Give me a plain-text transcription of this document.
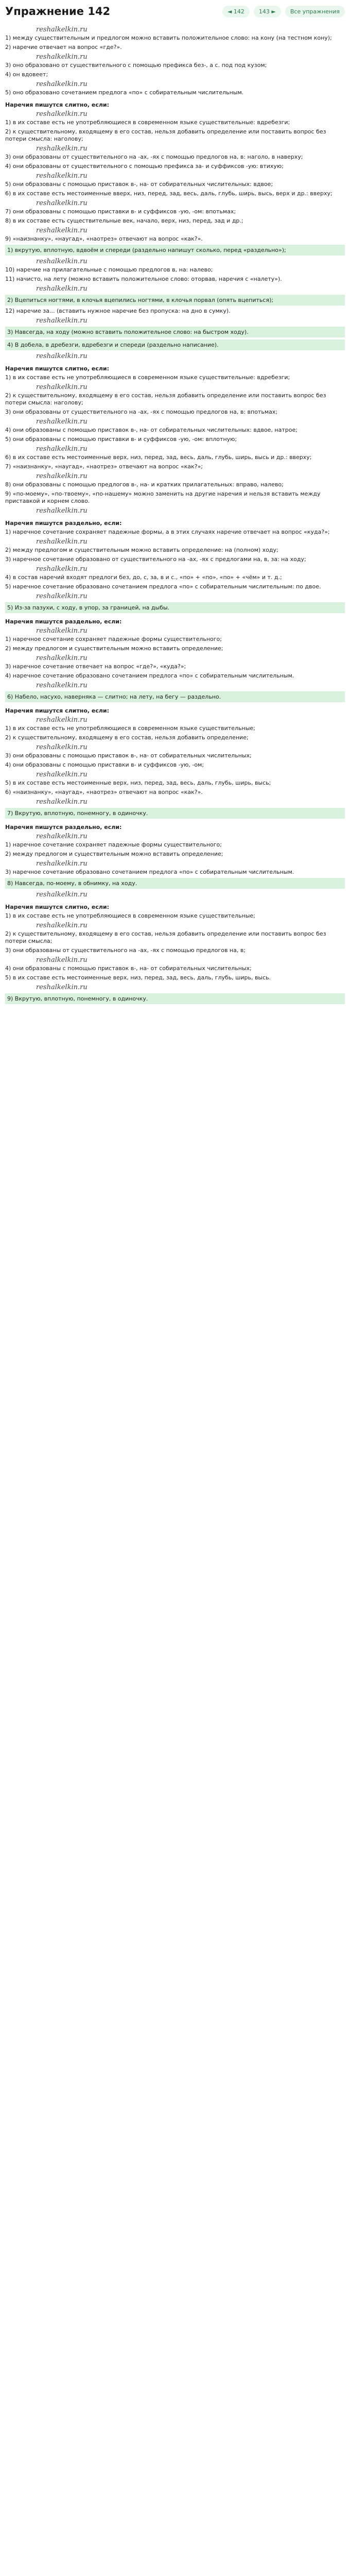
Упражнение 142	◄ 142	143 ►	Все упражнения
reshalkelkin.ru
1) между существительным и предлогом можно вставить положительное слово: на кону (на тестном кону);
2) наречие отвечает на вопрос «где?».
reshalkelkin.ru
3) оно образовано от существительного с помощью префикса без-, а с. под под кузом;
4) он вдовеет;
reshalkelkin.ru
5) оно образовано сочетанием предлога «по» с собирательным числительным.
Наречия пишутся слитно, если:
reshalkelkin.ru
1) в их составе есть не употребляющиеся в современном языке существительные: вдребезги;
2) к существительному, входящему в его состав, нельзя добавить определение или поставить вопрос без потери смысла: наголову;
reshalkelkin.ru
3) они образованы от существительного на -ах, -ях с помощью предлогов на, в: наголо, в наверху;
4) они образованы от существительного с помощью префикса за- и суффиксов -ую: втихую;
reshalkelkin.ru
5) они образованы с помощью приставок в-, на- от собирательных числительных: вдвое;
6) в их составе есть местоименные вверх, низ, перед, зад, весь, даль, глубь, ширь, высь, верх и др.: вверху;
reshalkelkin.ru
7) они образованы с помощью приставки в- и суффиксов -ую, -ом: впотьмах;
8) в их составе есть существительные век, начало, верх, низ, перед, зад и др.;
reshalkelkin.ru
9) «наизнанку», «наугад», «наотрез» отвечают на вопрос «как?».
1) вкрутую, вплотную, вдвоём и спереди (раздельно напишут сколько, перед «раздельно»);
reshalkelkin.ru
10) наречие на прилагательные с помощью предлогов в, на: налево;
11) начисто, на лету (можно вставить положительное слово: оторвав, наречия с «налету»).
reshalkelkin.ru
2) Вцепиться ногтями, в клочья вцепились ногтями, в клочья порвал (опять вцепиться);
12) наречие за... (вставить нужное наречие без пропуска: на дно в сумку).
reshalkelkin.ru
3) Навсегда, на ходу (можно вставить положительное слово: на быстром ходу).
4) В добела, в дребезги, вдребезги и спереди (раздельно написание).
reshalkelkin.ru
Наречия пишутся слитно, если:
1) в их составе есть не употребляющиеся в современном языке существительные: вдребезги;
reshalkelkin.ru
2) к существительному, входящему в его состав, нельзя добавить определение или поставить вопрос без потери смысла: наголову;
3) они образованы от существительного на -ах, -ях с помощью предлогов на, в: впотьмах;
reshalkelkin.ru
4) они образованы с помощью приставок в-, на- от собирательных числительных: вдвое, натрое;
5) они образованы с помощью приставки в- и суффиксов -ую, -ом: вплотную;
reshalkelkin.ru
6) в их составе есть местоименные верх, низ, перед, зад, весь, даль, глубь, ширь, высь и др.: вверху;
7) «наизнанку», «наугад», «наотрез» отвечают на вопрос «как?»;
reshalkelkin.ru
8) они образованы с помощью предлогов в-, на- и кратких прилагательных: вправо, налево;
9) «по-моему», «по-твоему», «по-нашему» можно заменить на другие наречия и нельзя вставить между приставкой и корнем слово.
reshalkelkin.ru
Наречия пишутся раздельно, если:
1) наречное сочетание сохраняет падежные формы, а в этих случаях наречие отвечает на вопрос «куда?»;
reshalkelkin.ru
2) между предлогом и существительным можно вставить определение: на (полном) ходу;
3) наречное сочетание образовано от существительного на -ах, -ях с предлогами на, в, за: на ходу;
reshalkelkin.ru
4) в состав наречий входят предлоги без, до, с, за, в и с., «по» + «по», «по» + «чём» и т. д.;
5) наречное сочетание образовано сочетанием предлога «по» с собирательным числительным: по двое.
reshalkelkin.ru
5) Из-за пазухи, с ходу, в упор, за границей, на дыбы.
Наречия пишутся раздельно, если:
reshalkelkin.ru
1) наречное сочетание сохраняет падежные формы существительного;
2) между предлогом и существительным можно вставить определение;
reshalkelkin.ru
3) наречное сочетание отвечает на вопрос «где?», «куда?»;
4) наречное сочетание образовано сочетанием предлога «по» с собирательным числительным.
reshalkelkin.ru
6) Набело, насухо, наверняка — слитно; на лету, на бегу — раздельно.
Наречия пишутся слитно, если:
reshalkelkin.ru
1) в их составе есть не употребляющиеся в современном языке существительные;
2) к существительному, входящему в его состав, нельзя добавить определение;
reshalkelkin.ru
3) они образованы с помощью приставок в-, на- от собирательных числительных;
4) они образованы с помощью приставки в- и суффиксов -ую, -ом;
reshalkelkin.ru
5) в их составе есть местоименные верх, низ, перед, зад, весь, даль, глубь, ширь, высь;
6) «наизнанку», «наугад», «наотрез» отвечают на вопрос «как?».
reshalkelkin.ru
7) Вкрутую, вплотную, понемногу, в одиночку.
Наречия пишутся раздельно, если:
reshalkelkin.ru
1) наречное сочетание сохраняет падежные формы существительного;
2) между предлогом и существительным можно вставить определение;
reshalkelkin.ru
3) наречное сочетание образовано сочетанием предлога «по» с собирательным числительным.
8) Навсегда, по-моему, в обнимку, на ходу.
reshalkelkin.ru
Наречия пишутся слитно, если:
1) в их составе есть не употребляющиеся в современном языке существительные;
reshalkelkin.ru
2) к существительному, входящему в его состав, нельзя добавить определение или поставить вопрос без потери смысла;
3) они образованы от существительного на -ах, -ях с помощью предлогов на, в;
reshalkelkin.ru
4) они образованы с помощью приставок в-, на- от собирательных числительных;
5) в их составе есть местоименные верх, низ, перед, зад, весь, даль, глубь, ширь, высь.
reshalkelkin.ru
9) Вкрутую, вплотную, понемногу, в одиночку.
